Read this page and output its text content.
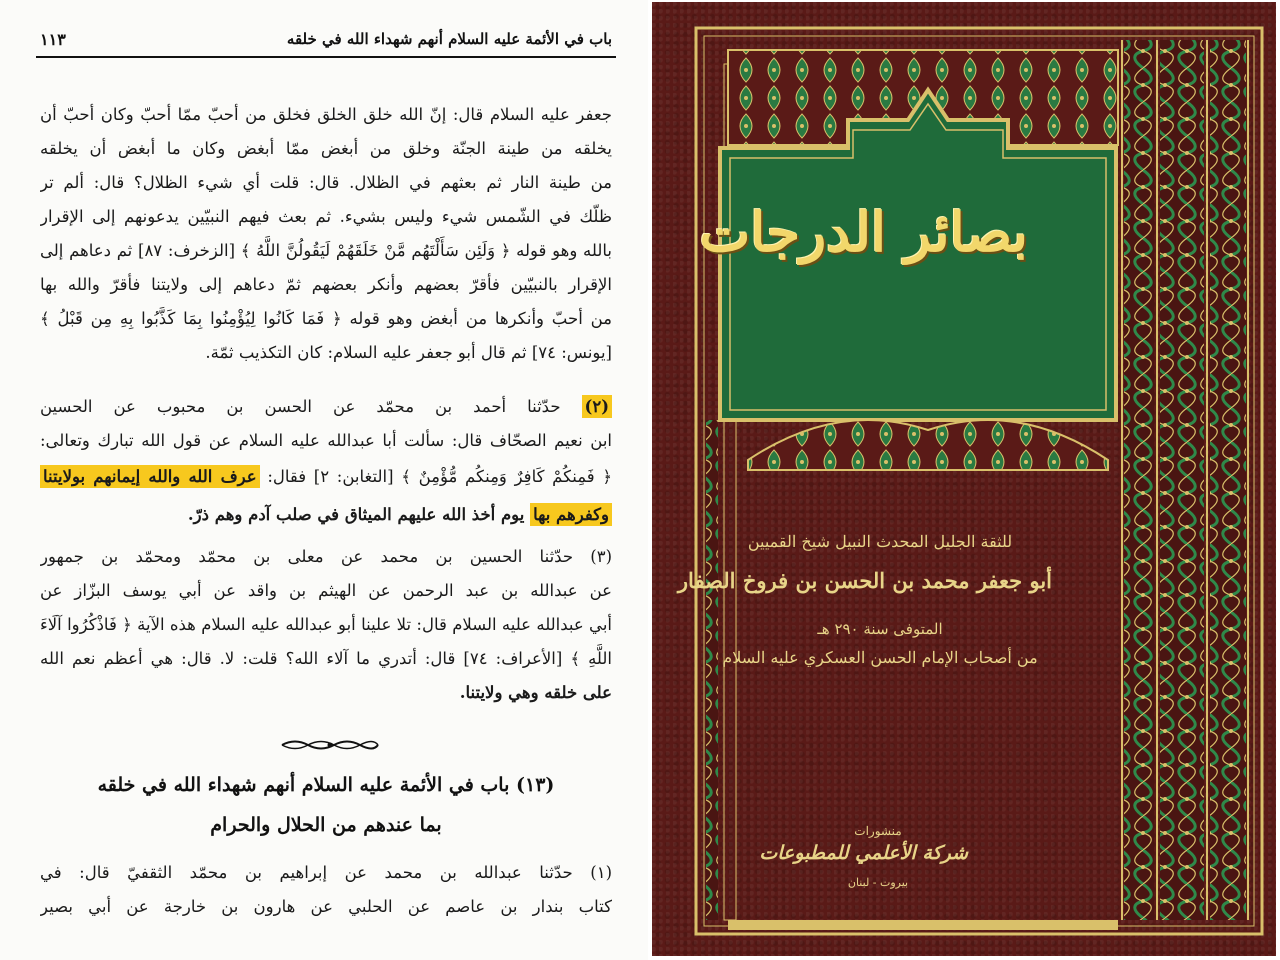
باب في الأئمة عليه السلام أنهم شهداء الله في خلقه
١١٣
جعفر عليه السلام قال: إنّ الله خلق الخلق فخلق من أحبّ ممّا أحبّ وكان أحبّ أن
يخلقه من طينة الجنّة وخلق من أبغض ممّا أبغض وكان ما أبغض أن يخلقه
من طينة النار ثم بعثهم في الظلال. قال: قلت أي شيء الظلال؟ قال: ألم تر
ظلّك في الشّمس شيء وليس بشيء. ثم بعث فيهم النبيّين يدعونهم إلى الإقرار
بالله وهو قوله ﴿ وَلَئِن سَأَلْتَهُم مَّنْ خَلَقَهُمْ لَيَقُولُنَّ اللَّهُ ﴾ [الزخرف: ٨٧] ثم دعاهم إلى
الإقرار بالنبيّين فأقرّ بعضهم وأنكر بعضهم ثمّ دعاهم إلى ولايتنا فأقرّ والله بها
من أحبّ وأنكرها من أبغض وهو قوله ﴿ فَمَا كَانُوا لِيُؤْمِنُوا بِمَا كَذَّبُوا بِهِ مِن قَبْلُ ﴾
[يونس: ٧٤] ثم قال أبو جعفر عليه السلام: كان التكذيب ثمّة.
(٢) حدّثنا أحمد بن محمّد عن الحسن بن محبوب عن الحسين
ابن نعيم الصحّاف قال: سألت أبا عبدالله عليه السلام عن قول الله تبارك وتعالى:
﴿ فَمِنكُمْ كَافِرٌ وَمِنكُم مُّؤْمِنٌ ﴾ [التغابن: ٢] فقال: عرف الله والله إيمانهم بولايتنا
وكفرهم بها يوم أخذ الله عليهم الميثاق في صلب آدم وهم ذرّ.
(٣) حدّثنا الحسين بن محمد عن معلى بن محمّد ومحمّد بن جمهور
عن عبدالله بن عبد الرحمن عن الهيثم بن واقد عن أبي يوسف البزّاز عن
أبي عبدالله عليه السلام قال: تلا علينا أبو عبدالله عليه السلام هذه الآية ﴿ فَاذْكُرُوا آلَاءَ
اللَّهِ ﴾ [الأعراف: ٧٤] قال: أتدري ما آلاء الله؟ قلت: لا. قال: هي أعظم نعم الله
على خلقه وهي ولايتنا.
(١٣) باب في الأئمة عليه السلام أنهم شهداء الله في خلقه
بما عندهم من الحلال والحرام
(١) حدّثنا عبدالله بن محمد عن إبراهيم بن محمّد الثقفيّ قال: في
كتاب بندار بن عاصم عن الحلبي عن هارون بن خارجة عن أبي بصير
بصائر الدرجات
للثقة الجليل المحدث النبيل شيخ القميين
أبو جعفر محمد بن الحسن بن فروخ الصفار
المتوفى سنة ٢٩٠ هـ
من أصحاب الإمام الحسن العسكري عليه السلام
منشورات
شركة الأعلمي للمطبوعات
بيروت - لبنان
